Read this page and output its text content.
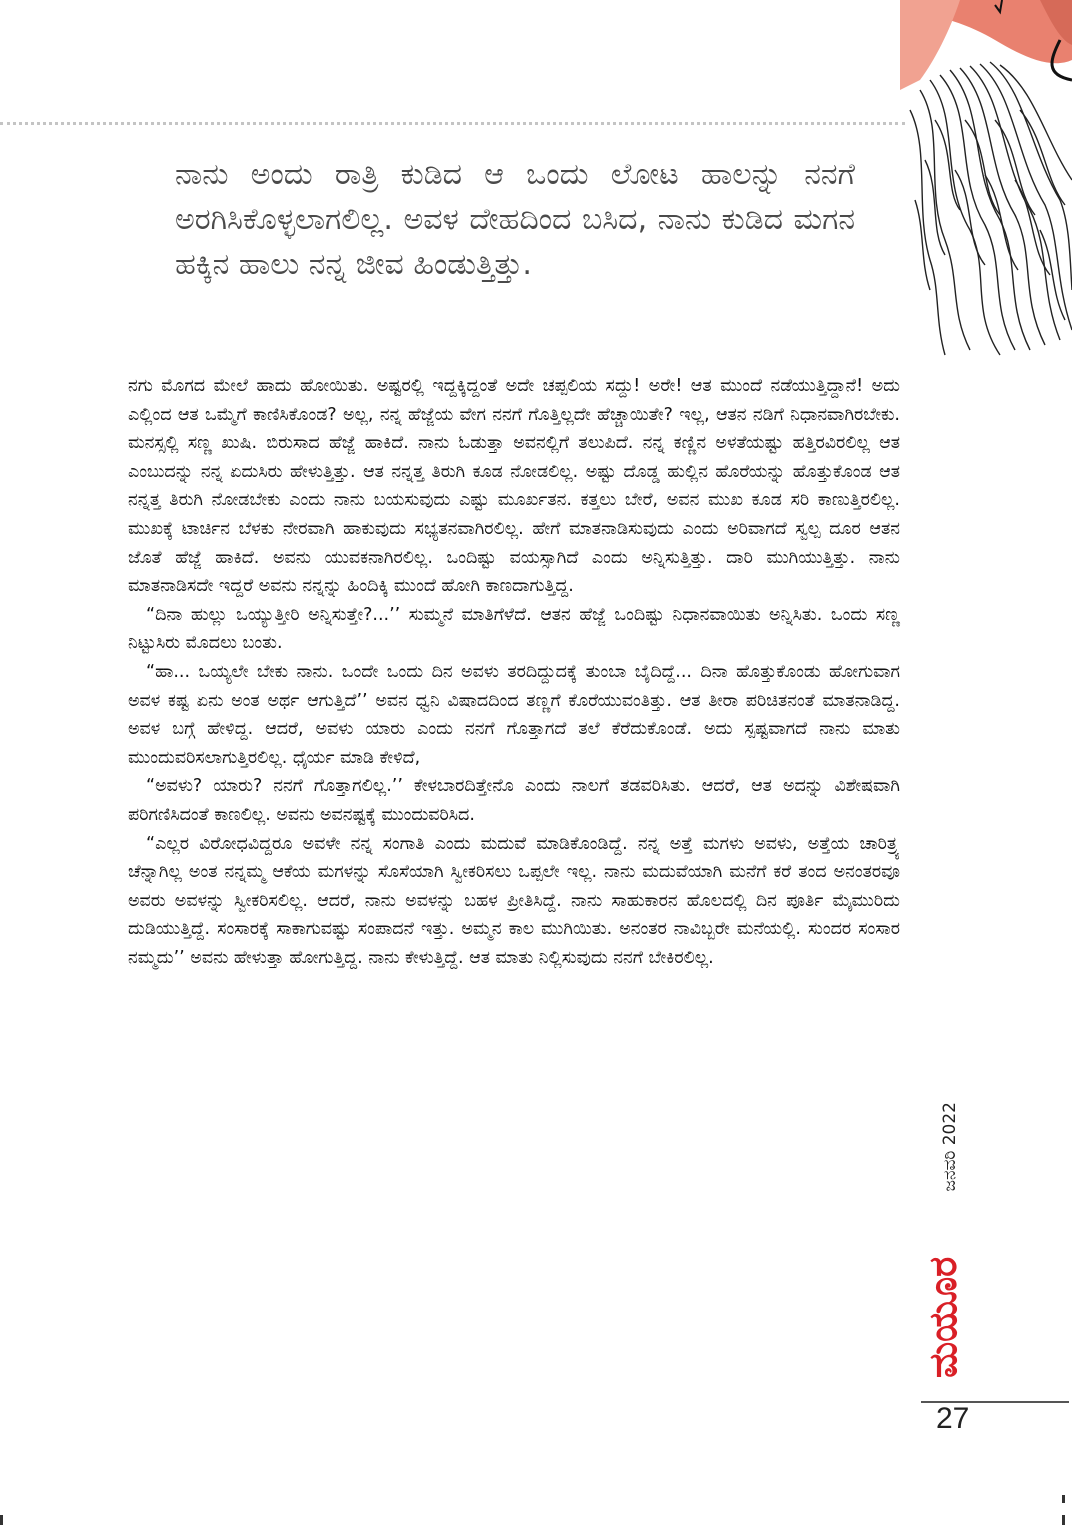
ನಾನು ಅಂದು ರಾತ್ರಿ ಕುಡಿದ ಆ ಒಂದು ಲೋಟ ಹಾಲನ್ನು ನನಗೆ ಅರಗಿಸಿಕೊಳ್ಳಲಾಗಲಿಲ್ಲ. ಅವಳ ದೇಹದಿಂದ ಬಸಿದ, ನಾನು ಕುಡಿದ ಮಗನ ಹಕ್ಕಿನ ಹಾಲು ನನ್ನ ಜೀವ ಹಿಂಡುತ್ತಿತ್ತು.

ನಗು ಮೊಗದ ಮೇಲೆ ಹಾದು ಹೋಯಿತು. ಅಷ್ಟರಲ್ಲಿ ಇದ್ದಕ್ಕಿದ್ದಂತೆ ಅದೇ ಚಪ್ಪಲಿಯ ಸದ್ದು! ಅರೇ! ಆತ ಮುಂದೆ ನಡೆಯುತ್ತಿದ್ದಾನೆ! ಅದು ಎಲ್ಲಿಂದ ಆತ ಒಮ್ಮೆಗೆ ಕಾಣಿಸಿಕೊಂಡ? ಅಲ್ಲ, ನನ್ನ ಹೆಜ್ಜೆಯ ವೇಗ ನನಗೆ ಗೊತ್ತಿಲ್ಲದೇ ಹೆಚ್ಚಾಯಿತೇ? ಇಲ್ಲ, ಆತನ ನಡಿಗೆ ನಿಧಾನವಾಗಿರಬೇಕು. ಮನಸ್ಸಲ್ಲಿ ಸಣ್ಣ ಖುಷಿ. ಬಿರುಸಾದ ಹೆಜ್ಜೆ ಹಾಕಿದೆ. ನಾನು ಓಡುತ್ತಾ ಅವನಲ್ಲಿಗೆ ತಲುಪಿದೆ. ನನ್ನ ಕಣ್ಣಿನ ಅಳತೆಯಷ್ಟು ಹತ್ತಿರವಿರಲಿಲ್ಲ ಆತ ಎಂಬುದನ್ನು ನನ್ನ ಏದುಸಿರು ಹೇಳುತ್ತಿತ್ತು. ಆತ ನನ್ನತ್ತ ತಿರುಗಿ ಕೂಡ ನೋಡಲಿಲ್ಲ. ಅಷ್ಟು ದೊಡ್ಡ ಹುಲ್ಲಿನ ಹೊರೆಯನ್ನು ಹೊತ್ತುಕೊಂಡ ಆತ ನನ್ನತ್ತ ತಿರುಗಿ ನೋಡಬೇಕು ಎಂದು ನಾನು ಬಯಸುವುದು ಎಷ್ಟು ಮೂರ್ಖತನ. ಕತ್ತಲು ಬೇರೆ, ಅವನ ಮುಖ ಕೂಡ ಸರಿ ಕಾಣುತ್ತಿರಲಿಲ್ಲ. ಮುಖಕ್ಕೆ ಟಾರ್ಚಿನ ಬೆಳಕು ನೇರವಾಗಿ ಹಾಕುವುದು ಸಭ್ಯತನವಾಗಿರಲಿಲ್ಲ. ಹೇಗೆ ಮಾತನಾಡಿಸುವುದು ಎಂದು ಅರಿವಾಗದೆ ಸ್ವಲ್ಪ ದೂರ ಆತನ ಜೊತೆ ಹೆಜ್ಜೆ ಹಾಕಿದೆ. ಅವನು ಯುವಕನಾಗಿರಲಿಲ್ಲ. ಒಂದಿಷ್ಟು ವಯಸ್ಸಾಗಿದೆ ಎಂದು ಅನ್ನಿಸುತ್ತಿತ್ತು. ದಾರಿ ಮುಗಿಯುತ್ತಿತ್ತು. ನಾನು ಮಾತನಾಡಿಸದೇ ಇದ್ದರೆ ಅವನು ನನ್ನನ್ನು ಹಿಂದಿಕ್ಕಿ ಮುಂದೆ ಹೋಗಿ ಕಾಣದಾಗುತ್ತಿದ್ದ.

“ದಿನಾ ಹುಲ್ಲು ಒಯ್ಯುತ್ತೀರಿ ಅನ್ನಿಸುತ್ತೇ?...’’ ಸುಮ್ಮನೆ ಮಾತಿಗೆಳೆದೆ. ಆತನ ಹೆಜ್ಜೆ ಒಂದಿಷ್ಟು ನಿಧಾನವಾಯಿತು ಅನ್ನಿಸಿತು. ಒಂದು ಸಣ್ಣ ನಿಟ್ಟುಸಿರು ಮೊದಲು ಬಂತು.

“ಹಾ... ಒಯ್ಯಲೇ ಬೇಕು ನಾನು. ಒಂದೇ ಒಂದು ದಿನ ಅವಳು ತರದಿದ್ದುದಕ್ಕೆ ತುಂಬಾ ಬೈದಿದ್ದೆ... ದಿನಾ ಹೊತ್ತುಕೊಂಡು ಹೋಗುವಾಗ ಅವಳ ಕಷ್ಟ ಏನು ಅಂತ ಅರ್ಥ ಆಗುತ್ತಿದೆ’’ ಅವನ ಧ್ವನಿ ವಿಷಾದದಿಂದ ತಣ್ಣಗೆ ಕೊರೆಯುವಂತಿತ್ತು. ಆತ ತೀರಾ ಪರಿಚಿತನಂತೆ ಮಾತನಾಡಿದ್ದ. ಅವಳ ಬಗ್ಗೆ ಹೇಳಿದ್ದ. ಆದರೆ, ಅವಳು ಯಾರು ಎಂದು ನನಗೆ ಗೊತ್ತಾಗದೆ ತಲೆ ಕೆರೆದುಕೊಂಡೆ. ಅದು ಸ್ಪಷ್ಟವಾಗದೆ ನಾನು ಮಾತು ಮುಂದುವರಿಸಲಾಗುತ್ತಿರಲಿಲ್ಲ. ಧೈರ್ಯ ಮಾಡಿ ಕೇಳಿದೆ,

“ಅವಳು? ಯಾರು? ನನಗೆ ಗೊತ್ತಾಗಲಿಲ್ಲ.’’ ಕೇಳಬಾರದಿತ್ತೇನೊ ಎಂದು ನಾಲಗೆ ತಡವರಿಸಿತು. ಆದರೆ, ಆತ ಅದನ್ನು ವಿಶೇಷವಾಗಿ ಪರಿಗಣಿಸಿದಂತೆ ಕಾಣಲಿಲ್ಲ. ಅವನು ಅವನಷ್ಟಕ್ಕೆ ಮುಂದುವರಿಸಿದ.

“ಎಲ್ಲರ ವಿರೋಧವಿದ್ದರೂ ಅವಳೇ ನನ್ನ ಸಂಗಾತಿ ಎಂದು ಮದುವೆ ಮಾಡಿಕೊಂಡಿದ್ದೆ. ನನ್ನ ಅತ್ತೆ ಮಗಳು ಅವಳು, ಅತ್ತೆಯ ಚಾರಿತ್ರ್ಯ ಚೆನ್ನಾಗಿಲ್ಲ ಅಂತ ನನ್ನಮ್ಮ ಆಕೆಯ ಮಗಳನ್ನು ಸೊಸೆಯಾಗಿ ಸ್ವೀಕರಿಸಲು ಒಪ್ಪಲೇ ಇಲ್ಲ. ನಾನು ಮದುವೆಯಾಗಿ ಮನೆಗೆ ಕರೆ ತಂದ ಅನಂತರವೂ ಅವರು ಅವಳನ್ನು ಸ್ವೀಕರಿಸಲಿಲ್ಲ. ಆದರೆ, ನಾನು ಅವಳನ್ನು ಬಹಳ ಪ್ರೀತಿಸಿದ್ದೆ. ನಾನು ಸಾಹುಕಾರನ ಹೊಲದಲ್ಲಿ ದಿನ ಪೂರ್ತಿ ಮೈಮುರಿದು ದುಡಿಯುತ್ತಿದ್ದೆ. ಸಂಸಾರಕ್ಕೆ ಸಾಕಾಗುವಷ್ಟು ಸಂಪಾದನೆ ಇತ್ತು. ಅಮ್ಮನ ಕಾಲ ಮುಗಿಯಿತು. ಅನಂತರ ನಾವಿಬ್ಬರೇ ಮನೆಯಲ್ಲಿ. ಸುಂದರ ಸಂಸಾರ ನಮ್ಮದು’’ ಅವನು ಹೇಳುತ್ತಾ ಹೋಗುತ್ತಿದ್ದ. ನಾನು ಕೇಳುತ್ತಿದ್ದೆ. ಆತ ಮಾತು ನಿಲ್ಲಿಸುವುದು ನನಗೆ ಬೇಕಿರಲಿಲ್ಲ.

ಜನವರಿ 2022
ಮಯೂರ
27
